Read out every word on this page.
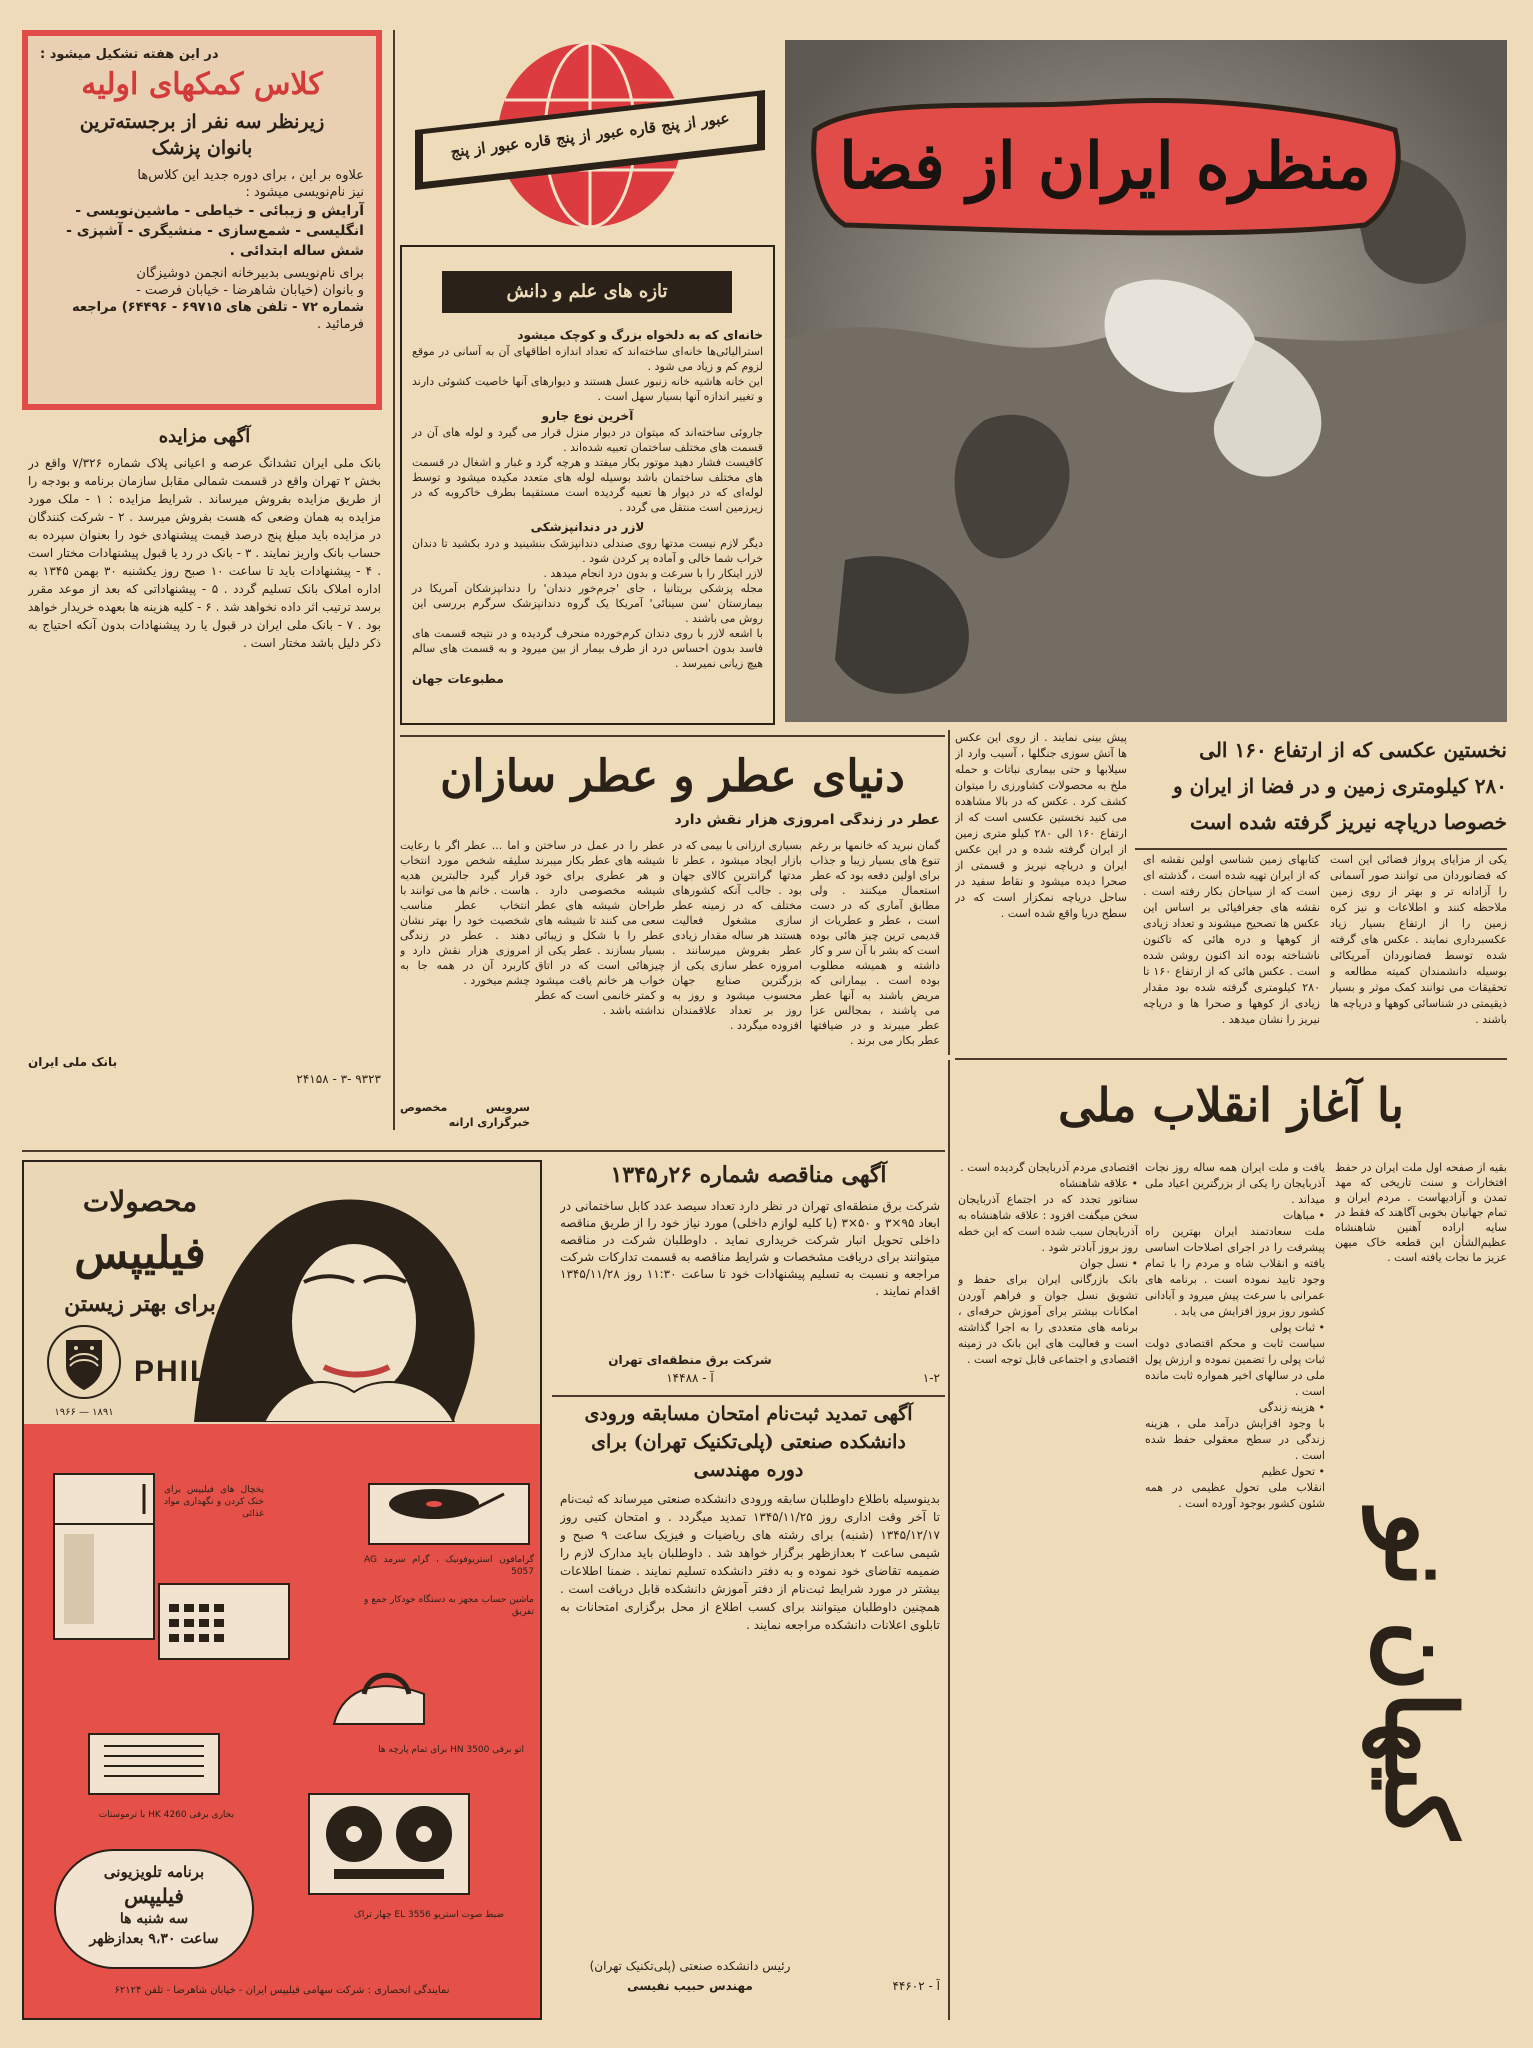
در این هفته تشکیل میشود :
کلاس کمکهای اولیه
زیرنظر سه نفر از برجسته‌ترین بانوان پزشک
علاوه بر این ، برای دوره جدید این کلاس‌ها
نیز نام‌نویسی میشود :
آرایش و زیبائی - خیاطی - ماشین‌نویسی -
انگلیسی - شمع‌سازی - منشیگری - آشپزی -
شش ساله ابتدائی .
برای نام‌نویسی بدبیرخانه انجمن دوشیزگان
و بانوان (خیابان شاهرضا - خیابان فرصت -
شماره ۷۲ - تلفن های ۶۹۷۱۵ - ۶۴۴۹۶) مراجعه
فرمائید .
آگهی مزایده
بانک ملی ایران تشدانگ عرصه و اعیانی پلاک شماره ۷/۳۲۶ واقع در بخش ۲ تهران واقع در قسمت شمالی مقابل سازمان برنامه و بودجه را از طریق مزایده بفروش میرساند . شرایط مزایده : ۱ - ملک مورد مزایده به همان وضعی که هست بفروش میرسد . ۲ - شرکت کنندگان در مزایده باید مبلغ پنج درصد قیمت پیشنهادی خود را بعنوان سپرده به حساب بانک واریز نمایند . ۳ - بانک در رد یا قبول پیشنهادات مختار است . ۴ - پیشنهادات باید تا ساعت ۱۰ صبح روز یکشنبه ۳۰ بهمن ۱۳۴۵ به اداره املاک بانک تسلیم گردد . ۵ - پیشنهاداتی که بعد از موعد مقرر برسد ترتیب اثر داده نخواهد شد . ۶ - کلیه هزینه ها بعهده خریدار خواهد بود . ۷ - بانک ملی ایران در قبول یا رد پیشنهادات بدون آنکه احتیاج به ذکر دلیل باشد مختار است .
بانک ملی ایران
۹۳۲۳ -۳ - ۲۴۱۵۸
عبور از پنج قاره عبور از پنج قاره عبور از پنج
تازه های علم و دانش
خانه‌ای که به دلخواه بزرگ و کوچک میشود
استرالیائی‌ها خانه‌ای ساخته‌اند که تعداد اندازه اطاقهای آن به آسانی در موقع لزوم کم و زیاد می شود .
این خانه هاشیه خانه زنبور عسل هستند و دیوارهای آنها خاصیت کشوئی دارند و تغییر اندازه آنها بسیار سهل است .
آخرین نوع جارو
جاروئی ساخته‌اند که میتوان در دیوار منزل قرار می گیرد و لوله های آن در قسمت های مختلف ساختمان تعبیه شده‌اند .
کافیست فشار دهید موتور بکار میفتد و هرچه گرد و غبار و اشغال در قسمت های مختلف ساختمان باشد بوسیله لوله های متعدد مکیده میشود و توسط لوله‌ای که در دیوار ها تعبیه گردیده است مستقیما بطرف خاکروبه که در زیرزمین است منتقل می گردد .
لازر در دندانپزشکی
دیگر لازم نیست مدتها روی صندلی دندانپزشک بنشینید و درد بکشید تا دندان خراب شما خالی و آماده پر کردن شود .
لازر اینکار را با سرعت و بدون درد انجام میدهد .
مجله پزشکی بریتانیا ، جای 'جرم‌خور دندان' را دندانپزشکان آمریکا در بیمارستان 'سن سینائی' آمریکا یک گروه دندانپزشک سرگرم بررسی این روش می باشند .
با اشعه لازر با روی دندان کرم‌خورده منحرف گردیده و در نتیجه قسمت های فاسد بدون احساس درد از طرف بیمار از بین میرود و به قسمت های سالم هیچ زیانی نمیرسد .
مطبوعات جهان
منظره ایران از فضا
نخستین عکسی که از ارتفاع ۱۶۰ الی
۲۸۰ کیلومتری زمین و در فضا از ایران و
خصوصا دریاچه نیریز گرفته شده است
یکی از مزایای پرواز فضائی این است که فضانوردان می توانند صور آسمانی را آزادانه تر و بهتر از روی زمین ملاحظه کنند و اطلاعات و نیز کره زمین را از ارتفاع بسیار زیاد عکسبرداری نمایند . عکس های گرفته شده توسط فضانوردان آمریکائی بوسیله دانشمندان کمیته مطالعه و تحقیقات می توانند کمک موثر و بسیار ذیقیمتی در شناسائی کوهها و دریاچه ها باشند .
کتابهای زمین شناسی اولین نقشه ای که از ایران تهیه شده است ، گذشته ای است که از سیاحان بکار رفته است . نقشه های جغرافیائی بر اساس این عکس ها تصحیح میشوند و تعداد زیادی از کوهها و دره هائی که تاکنون ناشناخته بوده اند اکنون روشن شده است . عکس هائی که از ارتفاع ۱۶۰ تا ۲۸۰ کیلومتری گرفته شده بود مقدار زیادی از کوهها و صحرا ها و دریاچه نیریز را نشان میدهد .
پیش بینی نمایند . از روی این عکس ها آتش سوزی جنگلها ، آسیب وارد از سیلابها و حتی بیماری نباتات و حمله ملخ به محصولات کشاورزی را میتوان کشف کرد . عکس که در بالا مشاهده می کنید نخستین عکسی است که از ارتفاع ۱۶۰ الی ۲۸۰ کیلو متری زمین از ایران گرفته شده و در این عکس ایران و دریاچه نیریز و قسمتی از صحرا دیده میشود و نقاط سفید در ساحل دریاچه نمکزار است که در سطح دریا واقع شده است .
دنیای عطر و عطر سازان
عطر در زندگی امروزی هزار نقش دارد
گمان نبرید که خانمها بر رغم تنوع های بسیار زیبا و جذاب برای اولین دفعه بود که عطر استعمال میکنند . ولی مطابق آماری که در دست است ، عطر و عطریات از قدیمی ترین چیز هائی بوده است که بشر با آن سر و کار داشته و همیشه مطلوب بوده است . بیمارانی که مریض باشند به آنها عطر می پاشند ، بمجالس عزا عطر میبرند و در ضیافتها عطر بکار می برند .
بسیاری ارزانی با بیمی که در بازار ایجاد میشود ، عطر تا مدتها گرانترین کالای جهان بود . جالب آنکه کشورهای مختلف که در زمینه عطر سازی مشغول فعالیت هستند هر ساله مقدار زیادی عطر بفروش میرسانند . امروزه عطر سازی یکی از بزرگترین صنایع جهان محسوب میشود و روز به روز بر تعداد علاقمندان افزوده میگردد .
عطر را در عمل در ساختن شیشه های عطر بکار میبرند و هر عطری برای خود شیشه مخصوصی دارد . طراحان شیشه های عطر سعی می کنند تا شیشه های عطر را با شکل و زیبائی بسیار بسازند . عطر یکی از چیزهائی است که در اتاق خواب هر خانم یافت میشود و کمتر خانمی است که عطر نداشته باشد .
و اما ... عطر اگر با رعایت سلیقه شخص مورد انتخاب قرار گیرد جالبترین هدیه هاست . خانم ها می توانند با انتخاب عطر مناسب شخصیت خود را بهتر نشان دهند . عطر در زندگی امروزی هزار نقش دارد و کاربرد آن در همه جا به چشم میخورد .
سرویس مخصوص خبرگزاری ارانه
آگهی مناقصه شماره ۲۶ر۱۳۴۵
شرکت برق منطقه‌ای تهران در نظر دارد تعداد سیصد عدد کابل ساختمانی در ابعاد ۹۵×۳ و ۵۰×۳ (با کلیه لوازم داخلی) مورد نیاز خود را از طریق مناقصه داخلی تحویل انبار شرکت خریداری نماید . داوطلبان شرکت در مناقصه میتوانند برای دریافت مشخصات و شرایط مناقصه به قسمت تدارکات شرکت مراجعه و نسبت به تسلیم پیشنهادات خود تا ساعت ۱۱:۳۰ روز ۱۳۴۵/۱۱/۲۸ اقدام نمایند .
شرکت برق منطقه‌ای تهران
آ - ۱۴۴۸۸	۱-۲
آگهی تمدید ثبت‌نام امتحان مسابقه ورودی
دانشکده صنعتی (پلی‌تکنیک تهران) برای
دوره مهندسی
بدینوسیله باطلاع داوطلبان سابقه ورودی دانشکده صنعتی میرساند که ثبت‌نام تا آخر وقت اداری روز ۱۳۴۵/۱۱/۲۵ تمدید میگردد . و امتحان کتبی روز ۱۳۴۵/۱۲/۱۷ (شنبه) برای رشته های ریاضیات و فیزیک ساعت ۹ صبح و شیمی ساعت ۲ بعدازظهر برگزار خواهد شد . داوطلبان باید مدارک لازم را ضمیمه تقاضای خود نموده و به دفتر دانشکده تسلیم نمایند . ضمنا اطلاعات بیشتر در مورد شرایط ثبت‌نام از دفتر آموزش دانشکده قابل دریافت است . همچنین داوطلبان میتوانند برای کسب اطلاع از محل برگزاری امتحانات به تابلوی اعلانات دانشکده مراجعه نمایند .
رئیس دانشکده صنعتی (پلی‌تکنیک تهران)
مهندس حبیب نفیسی	آ - ۴۴۶۰۲
با آغاز انقلاب ملی
کیهان نو
بقیه از صفحه اول ملت ایران در حفظ افتخارات و سنت تاریخی که مهد تمدن و آزادیهاست . مردم ایران و تمام جهانیان بخوبی آگاهند که فقط در سایه اراده آهنین شاهنشاه عظیم‌الشأن این قطعه خاک میهن عزیز ما نجات یافته است .
یافت و ملت ایران همه ساله روز نجات آذربایجان را یکی از بزرگترین اعیاد ملی میداند .
• مباهات
ملت سعادتمند ایران بهترین راه پیشرفت را در اجرای اصلاحات اساسی یافته و انقلاب شاه و مردم را با تمام وجود تایید نموده است . برنامه های عمرانی با سرعت پیش میرود و آبادانی کشور روز بروز افزایش می یابد .
• ثبات پولی
سیاست ثابت و محکم اقتصادی دولت ثبات پولی را تضمین نموده و ارزش پول ملی در سالهای اخیر همواره ثابت مانده است .
• هزینه زندگی
با وجود افزایش درآمد ملی ، هزینه زندگی در سطح معقولی حفظ شده است .
• تحول عظیم
انقلاب ملی تحول عظیمی در همه شئون کشور بوجود آورده است .
اقتصادی مردم آذربایجان گردیده است .
• علاقه شاهنشاه
سناتور تجدد که در اجتماع آذربایجان سخن میگفت افزود : علاقه شاهنشاه به آذربایجان سبب شده است که این خطه روز بروز آبادتر شود .
• نسل جوان
بانک بازرگانی ایران برای حفظ و تشویق نسل جوان و فراهم آوردن امکانات بیشتر برای آموزش حرفه‌ای ، برنامه های متعددی را به اجرا گذاشته است و فعالیت های این بانک در زمینه اقتصادی و اجتماعی قابل توجه است .
محصولات
فیلیپس
برای بهتر زیستن
۱۸۹۱ — ۱۹۶۶
PHILIPS
یخچال های فیلیپس برای خنک کردن و نگهداری مواد غذائی
گرامافون استریوفونیک ، گرام سرمد AG 5057
ماشین حساب مجهز به دستگاه خودکار جمع و تفریق
اتو برقی HN 3500 برای تمام پارچه ها
بخاری برقی HK 4260 با ترموستات
ضبط صوت استریو EL 3556 چهار تراک
برنامه تلویزیونی
فیلیپس
سه شنبه ها
ساعت ۹،۳۰ بعدازظهر
نمایندگی انحصاری : شرکت سهامی فیلیپس ایران - خیابان شاهرضا - تلفن ۶۲۱۲۴
